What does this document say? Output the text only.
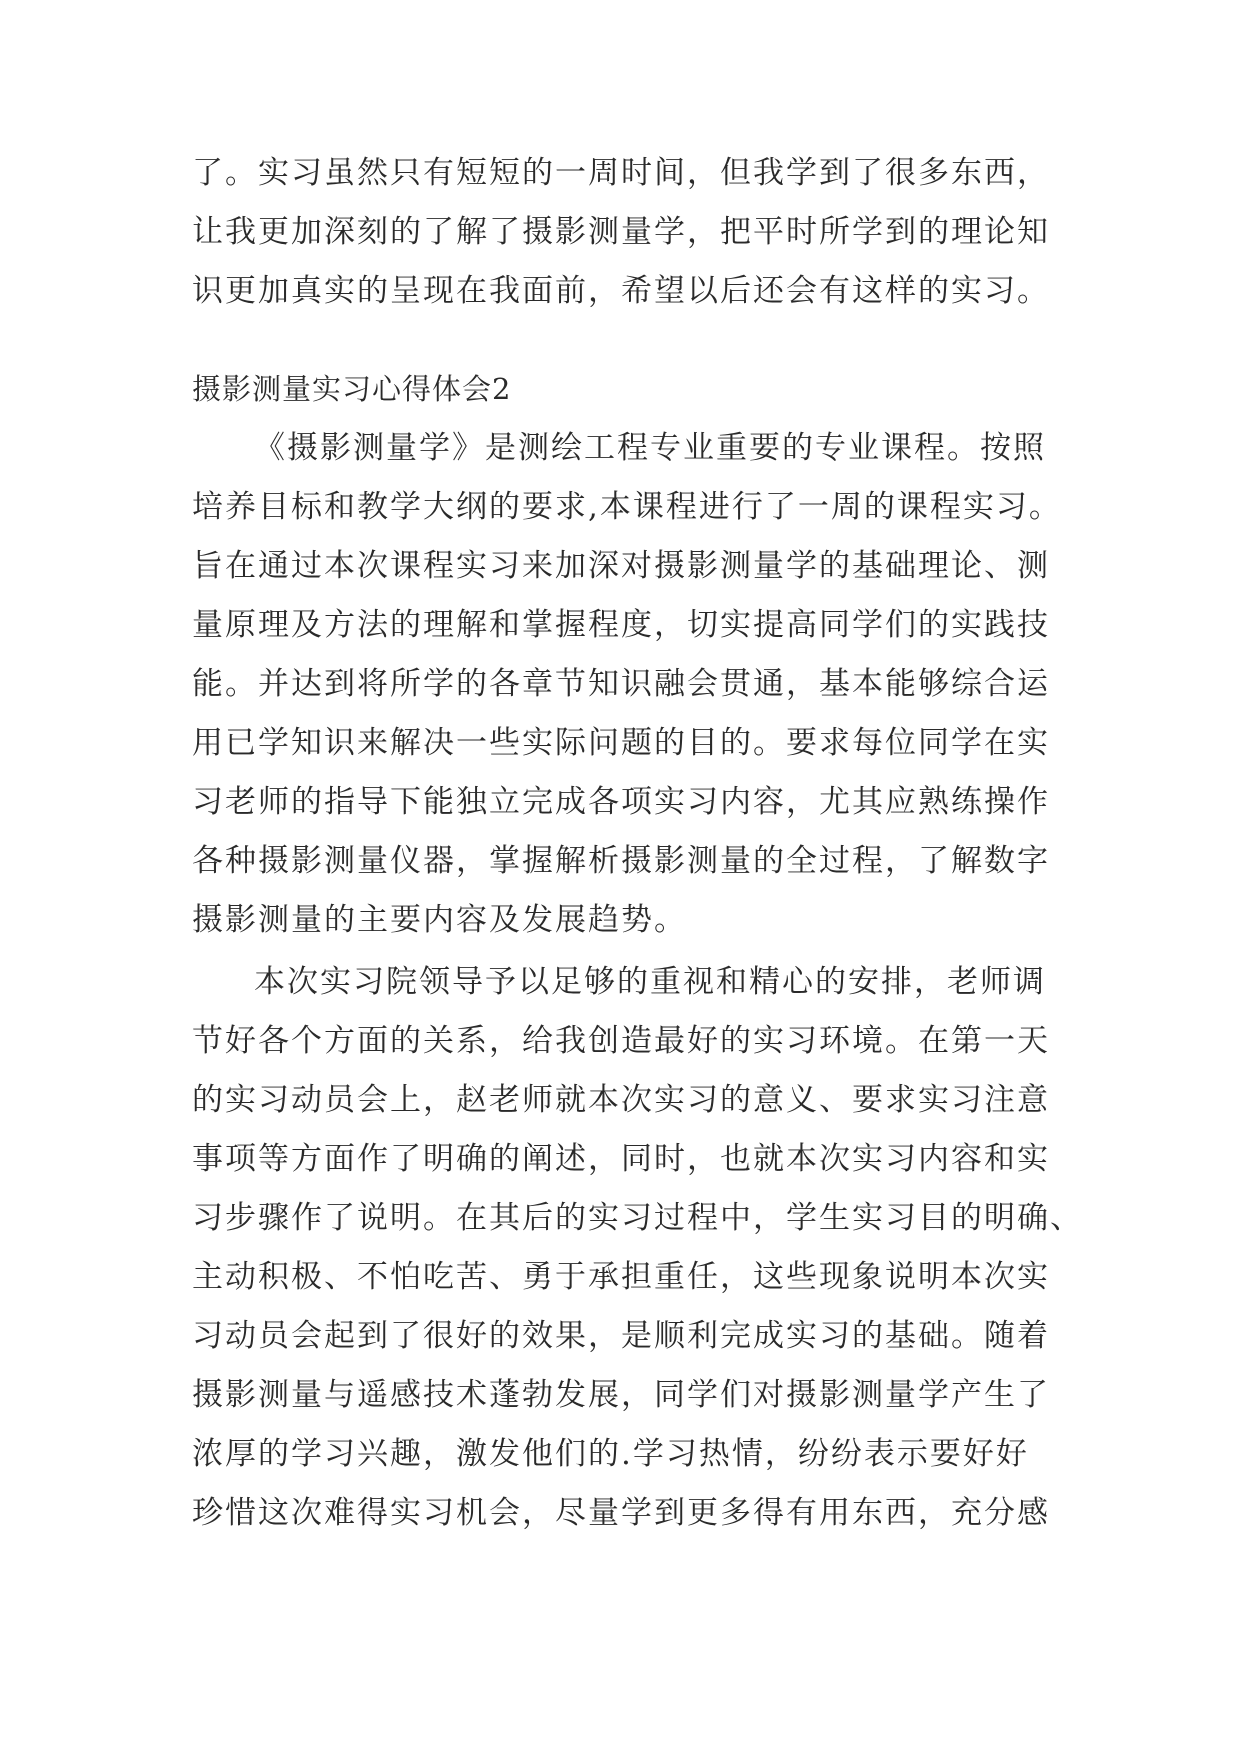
了。实习虽然只有短短的一周时间，但我学到了很多东西，
让我更加深刻的了解了摄影测量学，把平时所学到的理论知
识更加真实的呈现在我面前，希望以后还会有这样的实习。
摄影测量实习心得体会2
《摄影测量学》是测绘工程专业重要的专业课程。按照
培养目标和教学大纲的要求,本课程进行了一周的课程实习。
旨在通过本次课程实习来加深对摄影测量学的基础理论、测
量原理及方法的理解和掌握程度，切实提高同学们的实践技
能。并达到将所学的各章节知识融会贯通，基本能够综合运
用已学知识来解决一些实际问题的目的。要求每位同学在实
习老师的指导下能独立完成各项实习内容，尤其应熟练操作
各种摄影测量仪器，掌握解析摄影测量的全过程，了解数字
摄影测量的主要内容及发展趋势。
本次实习院领导予以足够的重视和精心的安排，老师调
节好各个方面的关系，给我创造最好的实习环境。在第一天
的实习动员会上，赵老师就本次实习的意义、要求实习注意
事项等方面作了明确的阐述，同时，也就本次实习内容和实
习步骤作了说明。在其后的实习过程中，学生实习目的明确、
主动积极、不怕吃苦、勇于承担重任，这些现象说明本次实
习动员会起到了很好的效果，是顺利完成实习的基础。随着
摄影测量与遥感技术蓬勃发展，同学们对摄影测量学产生了
浓厚的学习兴趣，激发他们的.学习热情，纷纷表示要好好
珍惜这次难得实习机会，尽量学到更多得有用东西，充分感
